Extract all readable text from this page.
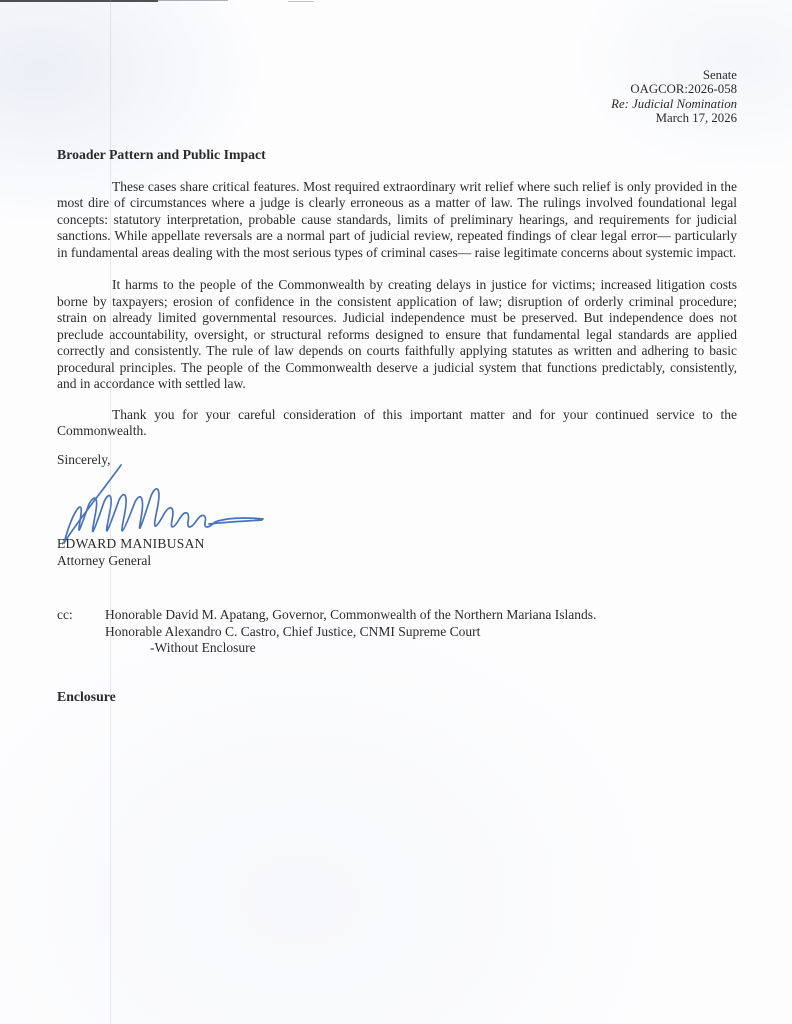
Senate
OAGCOR:2026-058
Re: Judicial Nomination
March 17, 2026
Broader Pattern and Public Impact

These cases share critical features. Most required extraordinary writ relief where such relief is only provided in the most dire of circumstances where a judge is clearly erroneous as a matter of law. The rulings involved foundational legal concepts: statutory interpretation, probable cause standards, limits of preliminary hearings, and requirements for judicial sanctions. While appellate reversals are a normal part of judicial review, repeated findings of clear legal error— particularly in fundamental areas dealing with the most serious types of criminal cases— raise legitimate concerns about systemic impact.

It harms to the people of the Commonwealth by creating delays in justice for victims; increased litigation costs borne by taxpayers; erosion of confidence in the consistent application of law; disruption of orderly criminal procedure; strain on already limited governmental resources. Judicial independence must be preserved. But independence does not preclude accountability, oversight, or structural reforms designed to ensure that fundamental legal standards are applied correctly and consistently. The rule of law depends on courts faithfully applying statutes as written and adhering to basic procedural principles. The people of the Commonwealth deserve a judicial system that functions predictably, consistently, and in accordance with settled law.

Thank you for your careful consideration of this important matter and for your continued service to the Commonwealth.

Sincerely,
EDWARD MANIBUSAN
Attorney General
cc:	Honorable David M. Apatang, Governor, Commonwealth of the Northern Mariana Islands.
Honorable Alexandro C. Castro, Chief Justice, CNMI Supreme Court
-Without Enclosure
Enclosure
